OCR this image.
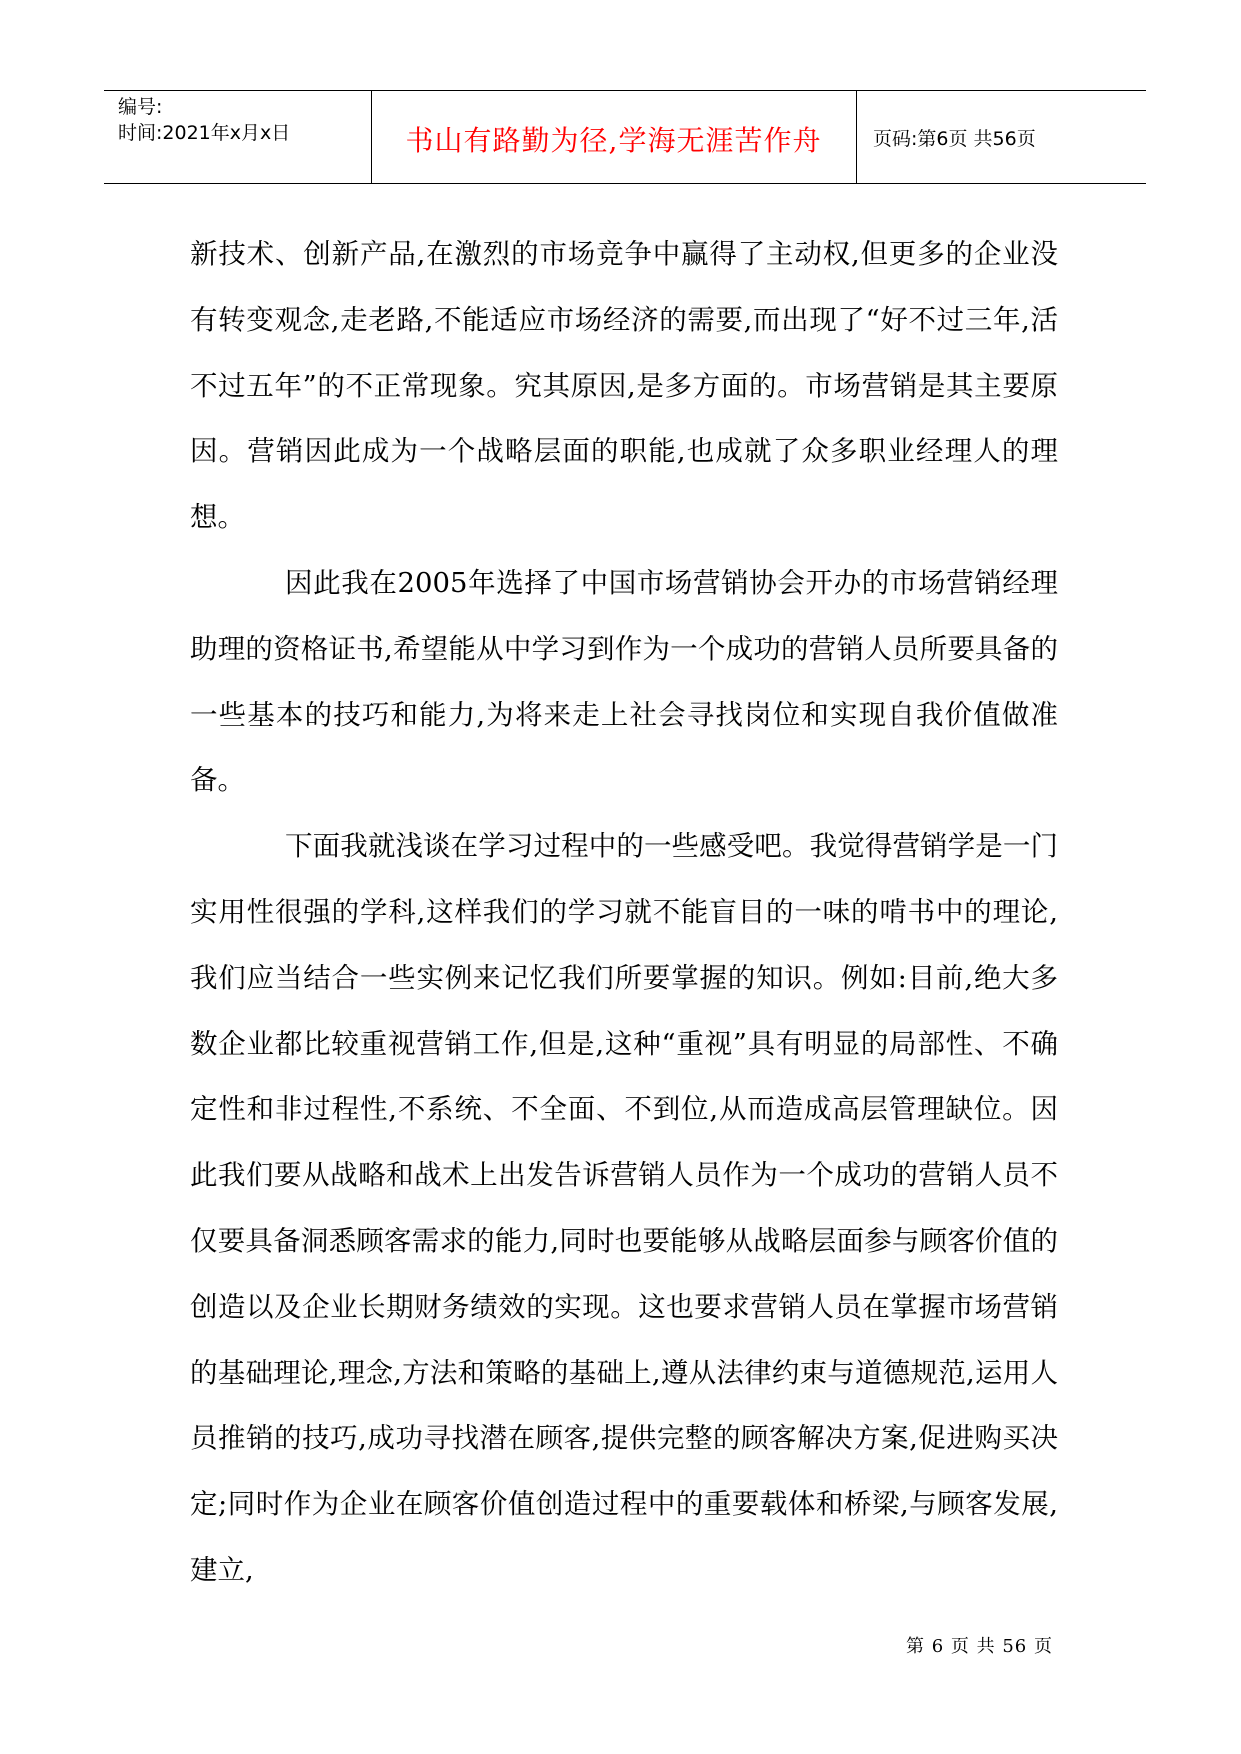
编号:
时间:2021年x月x日	书山有路勤为径,学海无涯苦作舟	页码:第6页 共56页

新技术、创新产品,在激烈的市场竞争中赢得了主动权,但更多的企业没有转变观念,走老路,不能适应市场经济的需要,而出现了“好不过三年,活不过五年”的不正常现象。究其原因,是多方面的。市场营销是其主要原因。营销因此成为一个战略层面的职能,也成就了众多职业经理人的理想。

因此我在2005年选择了中国市场营销协会开办的市场营销经理助理的资格证书,希望能从中学习到作为一个成功的营销人员所要具备的一些基本的技巧和能力,为将来走上社会寻找岗位和实现自我价值做准备。

下面我就浅谈在学习过程中的一些感受吧。我觉得营销学是一门实用性很强的学科,这样我们的学习就不能盲目的一味的啃书中的理论,我们应当结合一些实例来记忆我们所要掌握的知识。例如:目前,绝大多数企业都比较重视营销工作,但是,这种“重视”具有明显的局部性、不确定性和非过程性,不系统、不全面、不到位,从而造成高层管理缺位。因此我们要从战略和战术上出发告诉营销人员作为一个成功的营销人员不仅要具备洞悉顾客需求的能力,同时也要能够从战略层面参与顾客价值的创造以及企业长期财务绩效的实现。这也要求营销人员在掌握市场营销的基础理论,理念,方法和策略的基础上,遵从法律约束与道德规范,运用人员推销的技巧,成功寻找潜在顾客,提供完整的顾客解决方案,促进购买决定;同时作为企业在顾客价值创造过程中的重要载体和桥梁,与顾客发展,建立,

第 6 页 共 56 页
